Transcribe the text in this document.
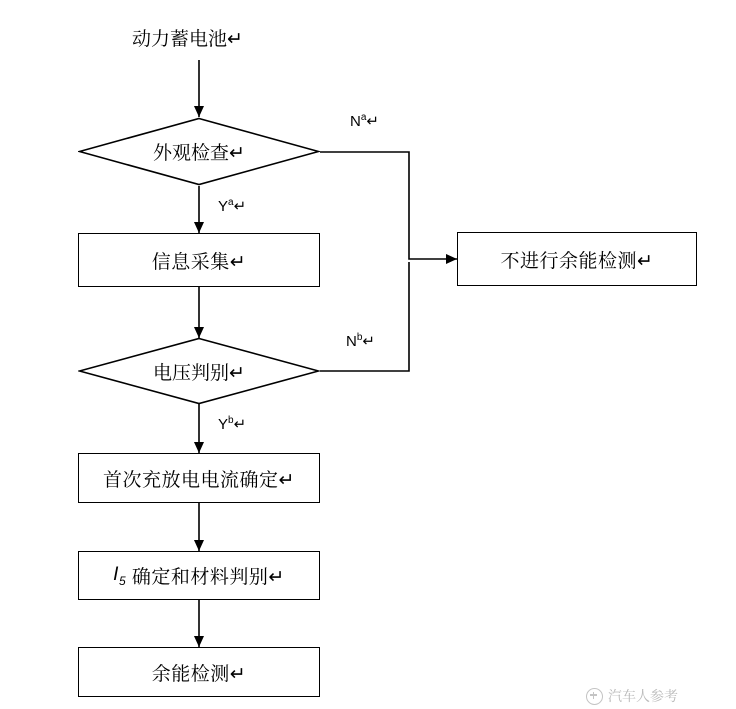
动力蓄电池↵
外观检查↵
信息采集↵
电压判别↵
首次充放电电流确定↵
$I_5$
确定和材料判别↵
余能检测↵
不进行余能检测↵
$N^a↵$
$Y^a↵$
$N^b↵$
$Y^b↵$
汽车人参考
